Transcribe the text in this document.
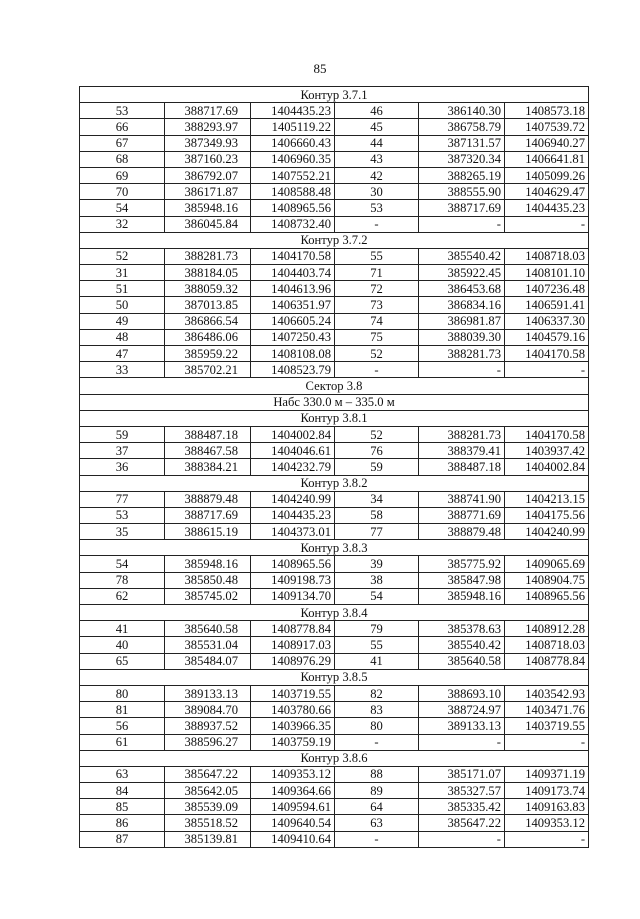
85
Контур 3.7.1					
53	388717.69	1404435.23	46	386140.30	1408573.18
66	388293.97	1405119.22	45	386758.79	1407539.72
67	387349.93	1406660.43	44	387131.57	1406940.27
68	387160.23	1406960.35	43	387320.34	1406641.81
69	386792.07	1407552.21	42	388265.19	1405099.26
70	386171.87	1408588.48	30	388555.90	1404629.47
54	385948.16	1408965.56	53	388717.69	1404435.23
32	386045.84	1408732.40	-	-	-
Контур 3.7.2					
52	388281.73	1404170.58	55	385540.42	1408718.03
31	388184.05	1404403.74	71	385922.45	1408101.10
51	388059.32	1404613.96	72	386453.68	1407236.48
50	387013.85	1406351.97	73	386834.16	1406591.41
49	386866.54	1406605.24	74	386981.87	1406337.30
48	386486.06	1407250.43	75	388039.30	1404579.16
47	385959.22	1408108.08	52	388281.73	1404170.58
33	385702.21	1408523.79	-	-	-
Сектор 3.8					
Набс 330.0 м – 335.0 м					
Контур 3.8.1					
59	388487.18	1404002.84	52	388281.73	1404170.58
37	388467.58	1404046.61	76	388379.41	1403937.42
36	388384.21	1404232.79	59	388487.18	1404002.84
Контур 3.8.2					
77	388879.48	1404240.99	34	388741.90	1404213.15
53	388717.69	1404435.23	58	388771.69	1404175.56
35	388615.19	1404373.01	77	388879.48	1404240.99
Контур 3.8.3					
54	385948.16	1408965.56	39	385775.92	1409065.69
78	385850.48	1409198.73	38	385847.98	1408904.75
62	385745.02	1409134.70	54	385948.16	1408965.56
Контур 3.8.4					
41	385640.58	1408778.84	79	385378.63	1408912.28
40	385531.04	1408917.03	55	385540.42	1408718.03
65	385484.07	1408976.29	41	385640.58	1408778.84
Контур 3.8.5					
80	389133.13	1403719.55	82	388693.10	1403542.93
81	389084.70	1403780.66	83	388724.97	1403471.76
56	388937.52	1403966.35	80	389133.13	1403719.55
61	388596.27	1403759.19	-	-	-
Контур 3.8.6					
63	385647.22	1409353.12	88	385171.07	1409371.19
84	385642.05	1409364.66	89	385327.57	1409173.74
85	385539.09	1409594.61	64	385335.42	1409163.83
86	385518.52	1409640.54	63	385647.22	1409353.12
87	385139.81	1409410.64	-	-	-
